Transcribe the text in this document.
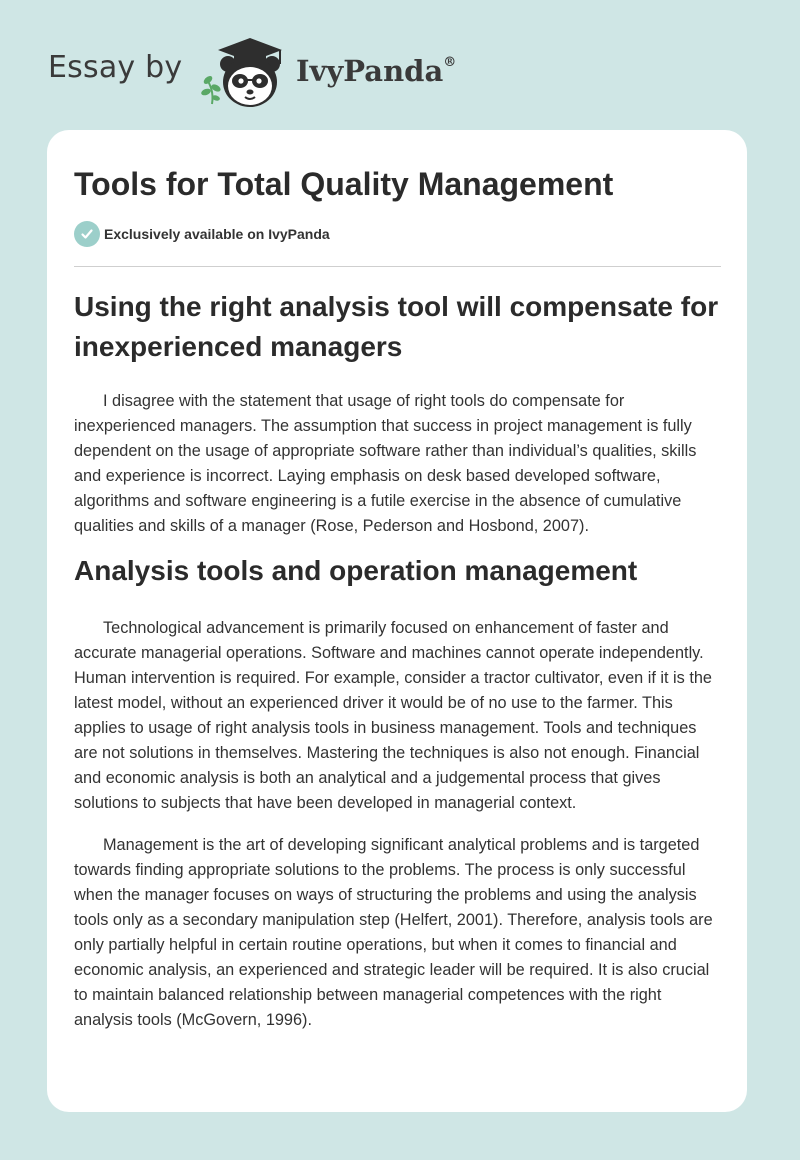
Essay by	IvyPanda®
Tools for Total Quality Management
Exclusively available on IvyPanda
Using the right analysis tool will compensate for inexperienced managers

I disagree with the statement that usage of right tools do compensate for inexperienced managers. The assumption that success in project management is fully dependent on the usage of appropriate software rather than individual’s qualities, skills and experience is incorrect. Laying emphasis on desk based developed software, algorithms and software engineering is a futile exercise in the absence of cumulative qualities and skills of a manager (Rose, Pederson and Hosbond, 2007).

Analysis tools and operation management

Technological advancement is primarily focused on enhancement of faster and accurate managerial operations. Software and machines cannot operate independently. Human intervention is required. For example, consider a tractor cultivator, even if it is the latest model, without an experienced driver it would be of no use to the farmer. This applies to usage of right analysis tools in business management. Tools and techniques are not solutions in themselves. Mastering the techniques is also not enough. Financial and economic analysis is both an analytical and a judgemental process that gives solutions to subjects that have been developed in managerial context.

Management is the art of developing significant analytical problems and is targeted towards finding appropriate solutions to the problems. The process is only successful when the manager focuses on ways of structuring the problems and using the analysis tools only as a secondary manipulation step (Helfert, 2001). Therefore, analysis tools are only partially helpful in certain routine operations, but when it comes to financial and economic analysis, an experienced and strategic leader will be required. It is also crucial to maintain balanced relationship between managerial competences with the right analysis tools (McGovern, 1996).
